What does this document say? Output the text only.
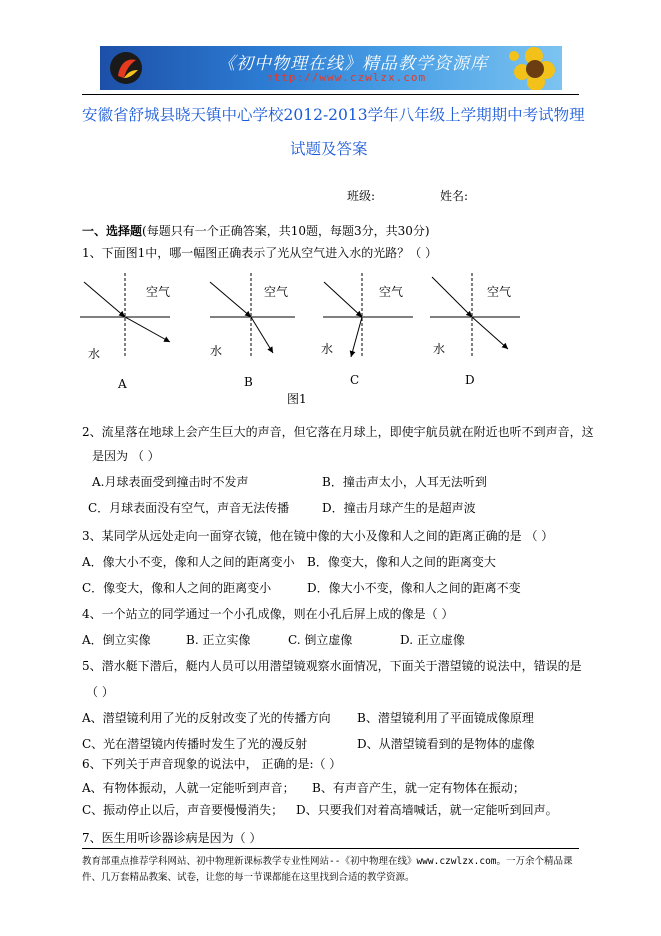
《初中物理在线》精品教学资源库
http://www.czwlzx.com
安徽省舒城县晓天镇中心学校2012-2013学年八年级上学期期中考试物理
试题及答案
班级:	姓名:
一、选择题(每题只有一个正确答案，共10题，每题3分，共30分)
1、下面图1中，哪一幅图正确表示了光从空气进入水的光路？（ ）
空气	空气	空气	空气
水	水	水	水
A	B	C	D
图1
2、流星落在地球上会产生巨大的声音，但它落在月球上，即使宇航员就在附近也听不到声音，这
是因为 （ ）
A.月球表面受到撞击时不发声	B．撞击声太小，人耳无法听到
C．月球表面没有空气，声音无法传播	D．撞击月球产生的是超声波
3、某同学从远处走向一面穿衣镜，他在镜中像的大小及像和人之间的距离正确的是 （ ）
A．像大小不变，像和人之间的距离变小 B．像变大，像和人之间的距离变大
C．像变大，像和人之间的距离变小	D．像大小不变，像和人之间的距离不变
4、一个站立的同学通过一个小孔成像，则在小孔后屏上成的像是（ ）
A．倒立实像	B. 正立实像	C. 倒立虚像	D. 正立虚像
5、潜水艇下潜后，艇内人员可以用潜望镜观察水面情况，下面关于潜望镜的说法中，错误的是
（ ）
A、潜望镜利用了光的反射改变了光的传播方向 B、潜望镜利用了平面镜成像原理
C、光在潜望镜内传播时发生了光的漫反射	D、从潜望镜看到的是物体的虚像
6、下列关于声音现象的说法中， 正确的是:（ ）
A、有物体振动，人就一定能听到声音； B、有声音产生，就一定有物体在振动；
C、振动停止以后，声音要慢慢消失； D、只要我们对着高墙喊话，就一定能听到回声。
7、医生用听诊器诊病是因为（ ）
教育部重点推荐学科网站、初中物理新课标教学专业性网站--《初中物理在线》www.czwlzx.com。一万余个精品课
件、几万套精品教案、试卷，让您的每一节课都能在这里找到合适的教学资源。
